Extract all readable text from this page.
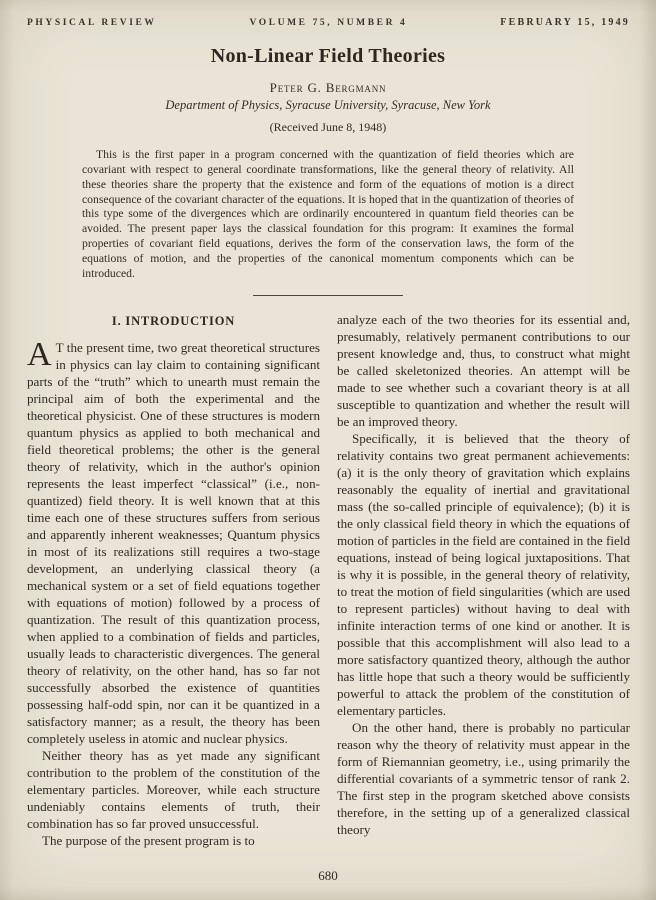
PHYSICAL REVIEW	VOLUME 75, NUMBER 4	FEBRUARY 15, 1949
Non-Linear Field Theories
Peter G. Bergmann
Department of Physics, Syracuse University, Syracuse, New York
(Received June 8, 1948)
This is the first paper in a program concerned with the quantization of field theories which are covariant with respect to general coordinate transformations, like the general theory of relativity. All these theories share the property that the existence and form of the equations of motion is a direct consequence of the covariant character of the equations. It is hoped that in the quantization of theories of this type some of the divergences which are ordinarily encountered in quantum field theories can be avoided. The present paper lays the classical foundation for this program: It examines the formal properties of covariant field equations, derives the form of the conservation laws, the form of the equations of motion, and the properties of the canonical momentum components which can be introduced.
I. INTRODUCTION

A T the present time, two great theoretical structures in physics can lay claim to containing significant parts of the “truth” which to unearth must remain the principal aim of both the experimental and the theoretical physicist. One of these structures is modern quantum physics as applied to both mechanical and field theoretical problems; the other is the general theory of relativity, which in the author's opinion represents the least imperfect “classical” (i.e., non-quantized) field theory. It is well known that at this time each one of these structures suffers from serious and apparently inherent weaknesses; Quantum physics in most of its realizations still requires a two-stage development, an underlying classical theory (a mechanical system or a set of field equations together with equations of motion) followed by a process of quantization. The result of this quantization process, when applied to a combination of fields and particles, usually leads to characteristic divergences. The general theory of relativity, on the other hand, has so far not successfully absorbed the existence of quantities possessing half-odd spin, nor can it be quantized in a satisfactory manner; as a result, the theory has been completely useless in atomic and nuclear physics.

Neither theory has as yet made any significant contribution to the problem of the constitution of the elementary particles. Moreover, while each structure undeniably contains elements of truth, their combination has so far proved unsuccessful.

The purpose of the present program is to

analyze each of the two theories for its essential and, presumably, relatively permanent contributions to our present knowledge and, thus, to construct what might be called skeletonized theories. An attempt will be made to see whether such a covariant theory is at all susceptible to quantization and whether the result will be an improved theory.

Specifically, it is believed that the theory of relativity contains two great permanent achievements: (a) it is the only theory of gravitation which explains reasonably the equality of inertial and gravitational mass (the so-called principle of equivalence); (b) it is the only classical field theory in which the equations of motion of particles in the field are contained in the field equations, instead of being logical juxtapositions. That is why it is possible, in the general theory of relativity, to treat the motion of field singularities (which are used to represent particles) without having to deal with infinite interaction terms of one kind or another. It is possible that this accomplishment will also lead to a more satisfactory quantized theory, although the author has little hope that such a theory would be sufficiently powerful to attack the problem of the constitution of elementary particles.

On the other hand, there is probably no particular reason why the theory of relativity must appear in the form of Riemannian geometry, i.e., using primarily the differential covariants of a symmetric tensor of rank 2. The first step in the program sketched above consists therefore, in the setting up of a generalized classical theory

680
